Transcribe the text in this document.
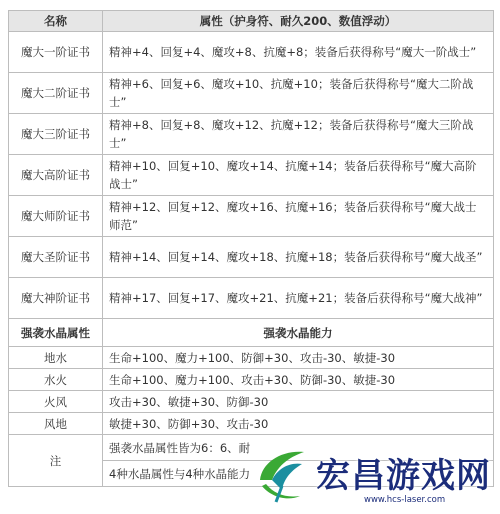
名称	属性（护身符、耐久200、数值浮动）
魔大一阶证书	精神+4、回复+4、魔攻+8、抗魔+8；装备后获得称号“魔大一阶战士”
魔大二阶证书	精神+6、回复+6、魔攻+10、抗魔+10；装备后获得称号“魔大二阶战士”
魔大三阶证书	精神+8、回复+8、魔攻+12、抗魔+12；装备后获得称号“魔大三阶战士”
魔大高阶证书	精神+10、回复+10、魔攻+14、抗魔+14；装备后获得称号“魔大高阶战士”
魔大师阶证书	精神+12、回复+12、魔攻+16、抗魔+16；装备后获得称号“魔大战士师范”
魔大圣阶证书	精神+14、回复+14、魔攻+18、抗魔+18；装备后获得称号“魔大战圣”
魔大神阶证书	精神+17、回复+17、魔攻+21、抗魔+21；装备后获得称号“魔大战神”
强袭水晶属性	强袭水晶能力
地水	生命+100、魔力+100、防御+30、攻击-30、敏捷-30
水火	生命+100、魔力+100、攻击+30、防御-30、敏捷-30
火风	攻击+30、敏捷+30、防御-30
风地	敏捷+30、防御+30、攻击-30
注	强袭水晶属性皆为6：6、耐
	4种水晶属性与4种水晶能力 宏昌游戏网
www.hcs-laser.com
